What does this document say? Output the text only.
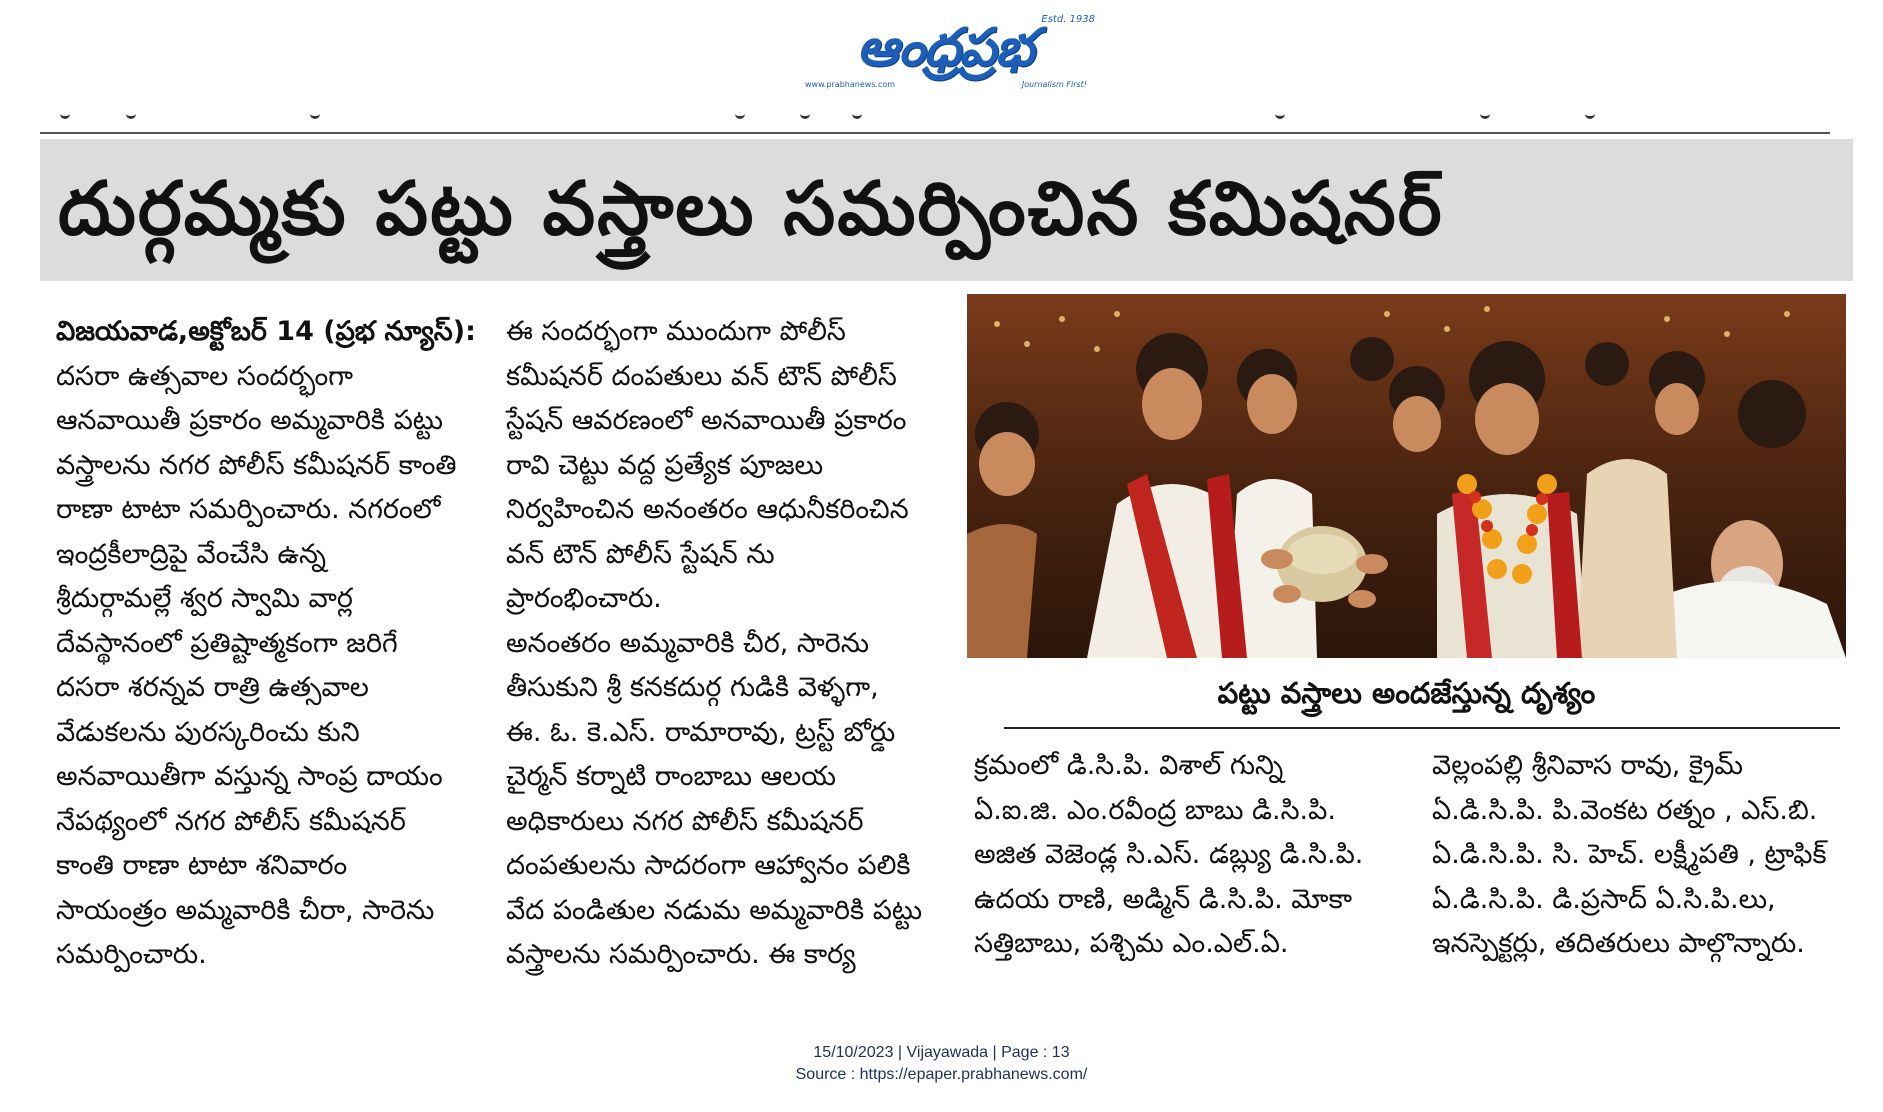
ఆంధ్రప్రభ Estd. 1938
www.prabhanews.com	Journalism First!
దుర్గమ్మకు పట్టు వస్త్రాలు సమర్పించిన కమిషనర్

విజయవాడ,అక్టోబర్ 14 (ప్రభ న్యూస్):

దసరా ఉత్సవాల సందర్భంగా

ఆనవాయితీ ప్రకారం అమ్మవారికి పట్టు

వస్త్రాలను నగర పోలీస్ కమీషనర్ కాంతి

రాణా టాటా సమర్పించారు. నగరంలో

ఇంద్రకీలాద్రిపై వేంచేసి ఉన్న

శ్రీదుర్గామల్లే శ్వర స్వామి వార్ల

దేవస్థానంలో ప్రతిష్టాత్మకంగా జరిగే

దసరా శరన్నవ రాత్రి ఉత్సవాల

వేడుకలను పురస్కరించు కుని

అనవాయితీగా వస్తున్న సాంప్ర దాయం

నేపథ్యంలో నగర పోలీస్ కమీషనర్

కాంతి రాణా టాటా శనివారం

సాయంత్రం అమ్మవారికి చీరా, సారెను

సమర్పించారు.

ఈ సందర్భంగా ముందుగా పోలీస్

కమీషనర్ దంపతులు వన్ టౌన్ పోలీస్

స్టేషన్ ఆవరణంలో అనవాయితీ ప్రకారం

రావి చెట్టు వద్ద ప్రత్యేక పూజలు

నిర్వహించిన అనంతరం ఆధునీకరించిన

వన్ టౌన్ పోలీస్ స్టేషన్ ను

ప్రారంభించారు.

అనంతరం అమ్మవారికి చీర, సారెను

తీసుకుని శ్రీ కనకదుర్గ గుడికి వెళ్ళగా,

ఈ. ఓ. కె.ఎస్. రామారావు, ట్రస్ట్ బోర్డు

చైర్మన్ కర్నాటి రాంబాబు ఆలయ

అధికారులు నగర పోలీస్ కమీషనర్

దంపతులను సాదరంగా ఆహ్వానం పలికి

వేద పండితుల నడుమ అమ్మవారికి పట్టు

వస్త్రాలను సమర్పించారు. ఈ కార్య

పట్టు వస్త్రాలు అందజేస్తున్న దృశ్యం

క్రమంలో డి.సి.పి. విశాల్ గున్ని

ఏ.ఐ.జి. ఎం.రవీంద్ర బాబు డి.సి.పి.

అజిత వెజెండ్ల సి.ఎస్. డబ్ల్యు డి.సి.పి.

ఉదయ రాణి, అడ్మిన్ డి.సి.పి. మోకా

సత్తిబాబు, పశ్చిమ ఎం.ఎల్.ఏ.

వెల్లంపల్లి శ్రీనివాస రావు, క్రైమ్

ఏ.డి.సి.పి. పి.వెంకట రత్నం , ఎస్.బి.

ఏ.డి.సి.పి. సి. హెచ్. లక్ష్మీపతి , ట్రాఫిక్

ఏ.డి.సి.పి. డి.ప్రసాద్ ఏ.సి.పి.లు,

ఇనస్పెక్టర్లు, తదితరులు పాల్గొన్నారు.

15/10/2023 | Vijayawada | Page : 13
Source : https://epaper.prabhanews.com/
